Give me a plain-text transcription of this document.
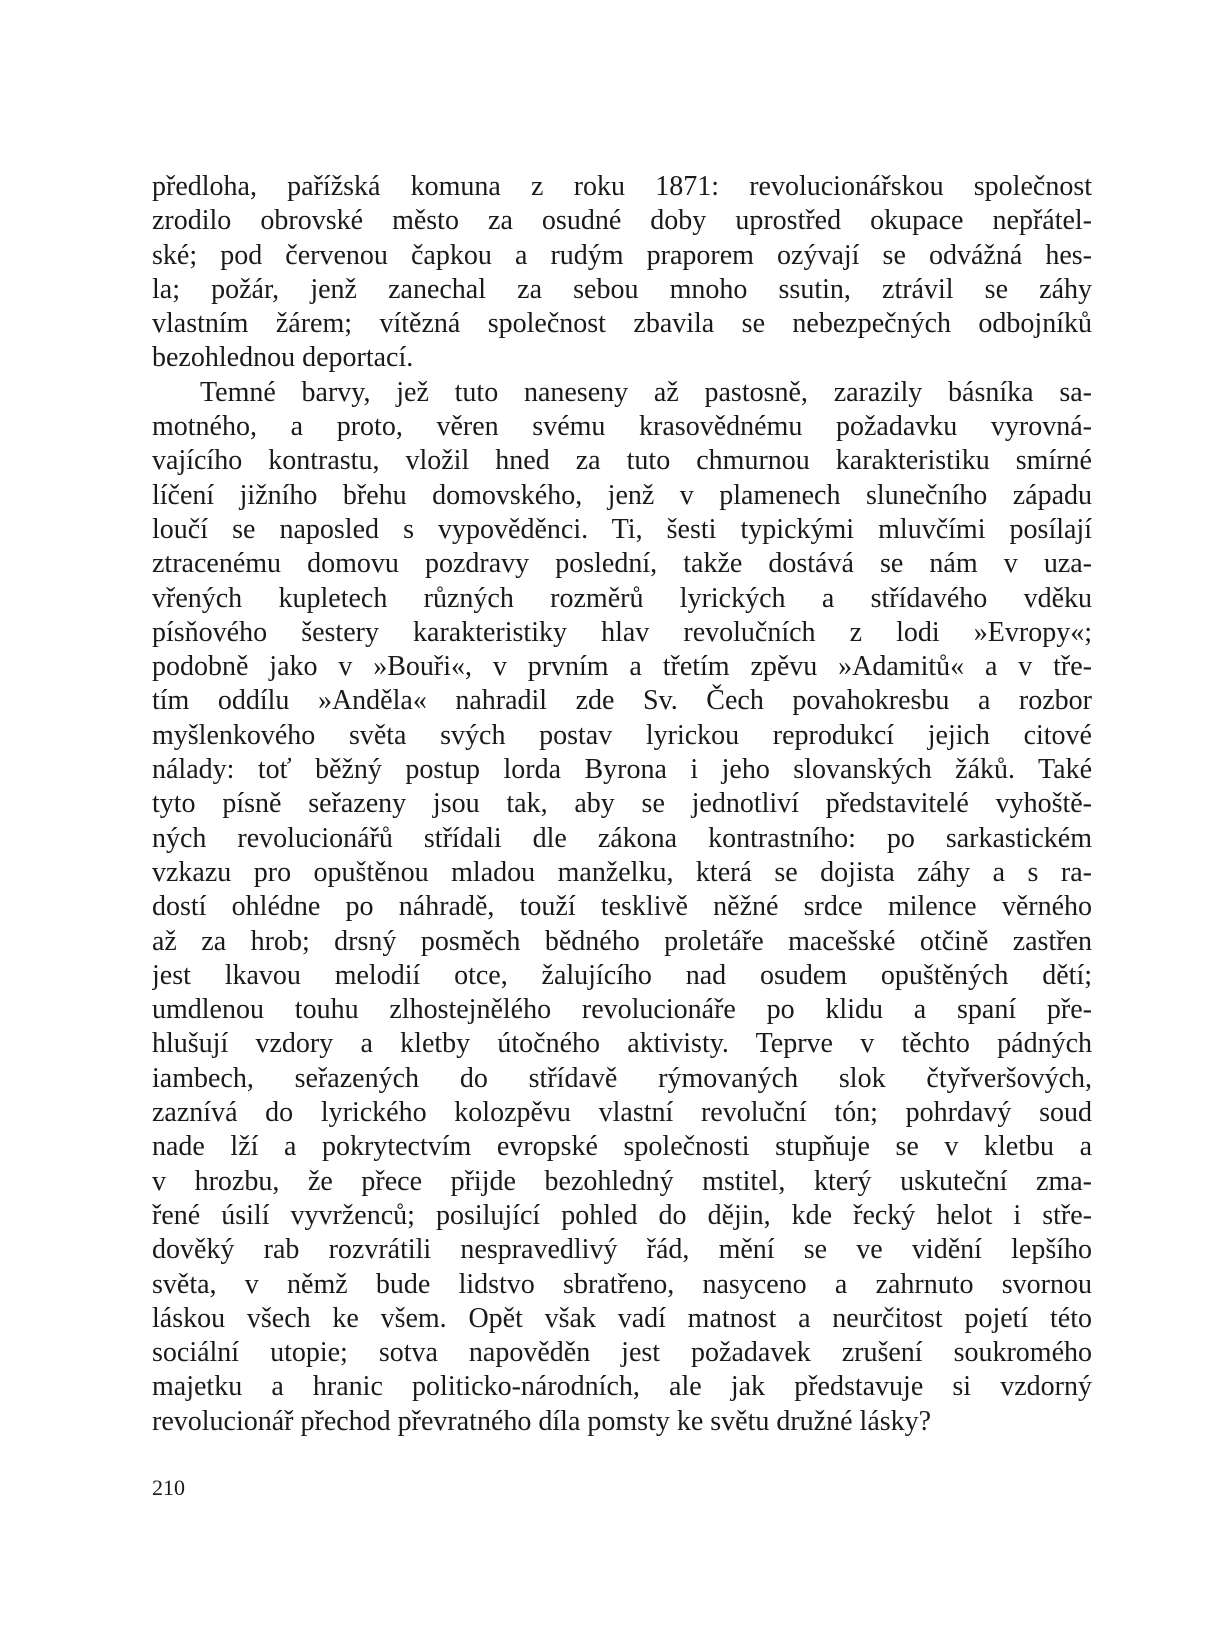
předloha, pařížská komuna z roku 1871: revolucionářskou společnost
zrodilo obrovské město za osudné doby uprostřed okupace nepřátel-
ské; pod červenou čapkou a rudým praporem ozývají se odvážná hes-
la; požár, jenž zanechal za sebou mnoho ssutin, ztrávil se záhy
vlastním žárem; vítězná společnost zbavila se nebezpečných odbojníků
bezohlednou deportací.
Temné barvy, jež tuto naneseny až pastosně, zarazily básníka sa-
motného, a proto, věren svému krasovědnému požadavku vyrovná-
vajícího kontrastu, vložil hned za tuto chmurnou karakteristiku smírné
líčení jižního břehu domovského, jenž v plamenech slunečního západu
loučí se naposled s vypověděnci. Ti, šesti typickými mluvčími posílají
ztracenému domovu pozdravy poslední, takže dostává se nám v uza-
vřených kupletech různých rozměrů lyrických a střídavého vděku
písňového šestery karakteristiky hlav revolučních z lodi »Evropy«;
podobně jako v »Bouři«, v prvním a třetím zpěvu »Adamitů« a v tře-
tím oddílu »Anděla« nahradil zde Sv. Čech povahokresbu a rozbor
myšlenkového světa svých postav lyrickou reprodukcí jejich citové
nálady: toť běžný postup lorda Byrona i jeho slovanských žáků. Také
tyto písně seřazeny jsou tak, aby se jednotliví představitelé vyhoště-
ných revolucionářů střídali dle zákona kontrastního: po sarkastickém
vzkazu pro opuštěnou mladou manželku, která se dojista záhy a s ra-
dostí ohlédne po náhradě, touží tesklivě něžné srdce milence věrného
až za hrob; drsný posměch bědného proletáře macešské otčině zastřen
jest lkavou melodií otce, žalujícího nad osudem opuštěných dětí;
umdlenou touhu zlhostejnělého revolucionáře po klidu a spaní pře-
hlušují vzdory a kletby útočného aktivisty. Teprve v těchto pádných
iambech, seřazených do střídavě rýmovaných slok čtyřveršových,
zaznívá do lyrického kolozpěvu vlastní revoluční tón; pohrdavý soud
nade lží a pokrytectvím evropské společnosti stupňuje se v kletbu a
v hrozbu, že přece přijde bezohledný mstitel, který uskuteční zma-
řené úsilí vyvrženců; posilující pohled do dějin, kde řecký helot i stře-
dověký rab rozvrátili nespravedlivý řád, mění se ve vidění lepšího
světa, v němž bude lidstvo sbratřeno, nasyceno a zahrnuto svornou
láskou všech ke všem. Opět však vadí matnost a neurčitost pojetí této
sociální utopie; sotva napověděn jest požadavek zrušení soukromého
majetku a hranic politicko-národních, ale jak představuje si vzdorný
revolucionář přechod převratného díla pomsty ke světu družné lásky?
210
